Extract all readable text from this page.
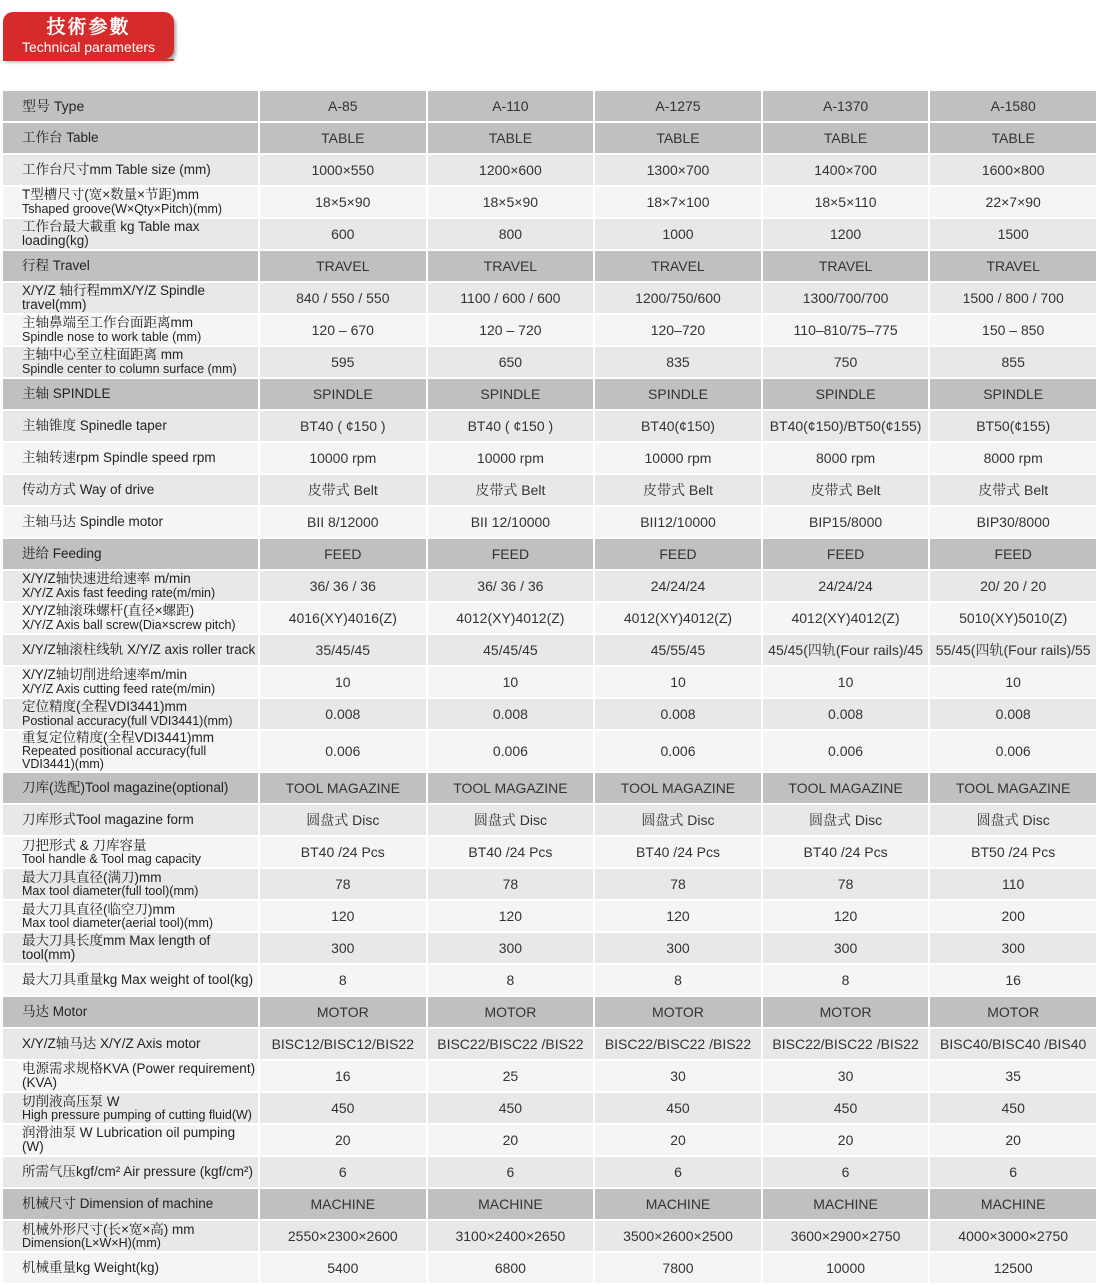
技術参數
Technical parameters
型号 Type	A-85	A-110	A-1275	A-1370	A-1580
工作台 Table	TABLE	TABLE	TABLE	TABLE	TABLE
工作台尺寸mm Table size (mm)	1000×550	1200×600	1300×700	1400×700	1600×800

T型槽尺寸(宽×数量×节距)mm
Tshaped groove(W×Qty×Pitch)(mm)	18×5×90	18×5×90	18×7×100	18×5×110	22×7×90
工作台最大載重 kg Table max loading(kg)	600	800	1000	1200	1500
行程 Travel	TRAVEL	TRAVEL	TRAVEL	TRAVEL	TRAVEL
X/Y/Z 轴行程mmX/Y/Z Spindle travel(mm)	840 / 550 / 550	1100 / 600 / 600	1200/750/600	1300/700/700	1500 / 800 / 700

主轴鼻端至工作台面距离mm
Spindle nose to work table (mm)	120 – 670	120 – 720	120–720	110–810/75–775	150 – 850

主轴中心至立柱面距离 mm
Spindle center to column surface (mm)	595	650	835	750	855
主轴 SPINDLE	SPINDLE	SPINDLE	SPINDLE	SPINDLE	SPINDLE
主轴锥度 Spinedle taper	BT40 ( ¢150 )	BT40 ( ¢150 )	BT40(¢150)	BT40(¢150)/BT50(¢155)	BT50(¢155)
主轴转速rpm Spindle speed rpm	10000 rpm	10000 rpm	10000 rpm	8000 rpm	8000 rpm
传动方式 Way of drive	皮带式 Belt	皮带式 Belt	皮带式 Belt	皮带式 Belt	皮带式 Belt
主轴马达 Spindle motor	BII 8/12000	BII 12/10000	BII12/10000	BIP15/8000	BIP30/8000
进给 Feeding	FEED	FEED	FEED	FEED	FEED

X/Y/Z轴快速进给速率 m/min
X/Y/Z Axis fast feeding rate(m/min)	36/ 36 / 36	36/ 36 / 36	24/24/24	24/24/24	20/ 20 / 20

X/Y/Z轴滚珠螺杆(直径×螺距)
X/Y/Z Axis ball screw(Dia×screw pitch)	4016(XY)4016(Z)	4012(XY)4012(Z)	4012(XY)4012(Z)	4012(XY)4012(Z)	5010(XY)5010(Z)
X/Y/Z轴滚柱线轨 X/Y/Z axis roller track	35/45/45	45/45/45	45/55/45	45/45(四轨(Four rails)/45	55/45(四轨(Four rails)/55

X/Y/Z轴切削进给速率m/min
X/Y/Z Axis cutting feed rate(m/min)	10	10	10	10	10

定位精度(全程VDI3441)mm
Postional accuracy(full VDI3441)(mm)	0.008	0.008	0.008	0.008	0.008

重复定位精度(全程VDI3441)mm
Repeated positional accuracy(full VDI3441)(mm)	0.006	0.006	0.006	0.006	0.006
刀库(选配)Tool magazine(optional)	TOOL MAGAZINE	TOOL MAGAZINE	TOOL MAGAZINE	TOOL MAGAZINE	TOOL MAGAZINE
刀库形式Tool magazine form	圆盘式 Disc	圆盘式 Disc	圆盘式 Disc	圆盘式 Disc	圆盘式 Disc

刀把形式 & 刀库容量
Tool handle & Tool mag capacity	BT40 /24 Pcs	BT40 /24 Pcs	BT40 /24 Pcs	BT40 /24 Pcs	BT50 /24 Pcs

最大刀具直径(满刀)mm
Max tool diameter(full tool)(mm)	78	78	78	78	110

最大刀具直径(临空刀)mm
Max tool diameter(aerial tool)(mm)	120	120	120	120	200
最大刀具长度mm Max length of tool(mm)	300	300	300	300	300
最大刀具重量kg Max weight of tool(kg)	8	8	8	8	16
马达 Motor	MOTOR	MOTOR	MOTOR	MOTOR	MOTOR
X/Y/Z轴马达 X/Y/Z Axis motor	BISC12/BISC12/BIS22	BISC22/BISC22 /BIS22	BISC22/BISC22 /BIS22	BISC22/BISC22 /BIS22	BISC40/BISC40 /BIS40
电源需求规格KVA (Power requirement)(KVA)	16	25	30	30	35

切削液高压泵 W
High pressure pumping of cutting fluid(W)	450	450	450	450	450
润滑油泵 W Lubrication oil pumping (W)	20	20	20	20	20
所需气压kgf/cm² Air pressure (kgf/cm²)	6	6	6	6	6
机械尺寸 Dimension of machine	MACHINE	MACHINE	MACHINE	MACHINE	MACHINE

机械外形尺寸(长×宽×高) mm
Dimension(L×W×H)(mm)	2550×2300×2600	3100×2400×2650	3500×2600×2500	3600×2900×2750	4000×3000×2750
机械重量kg Weight(kg)	5400	6800	7800	10000	12500
